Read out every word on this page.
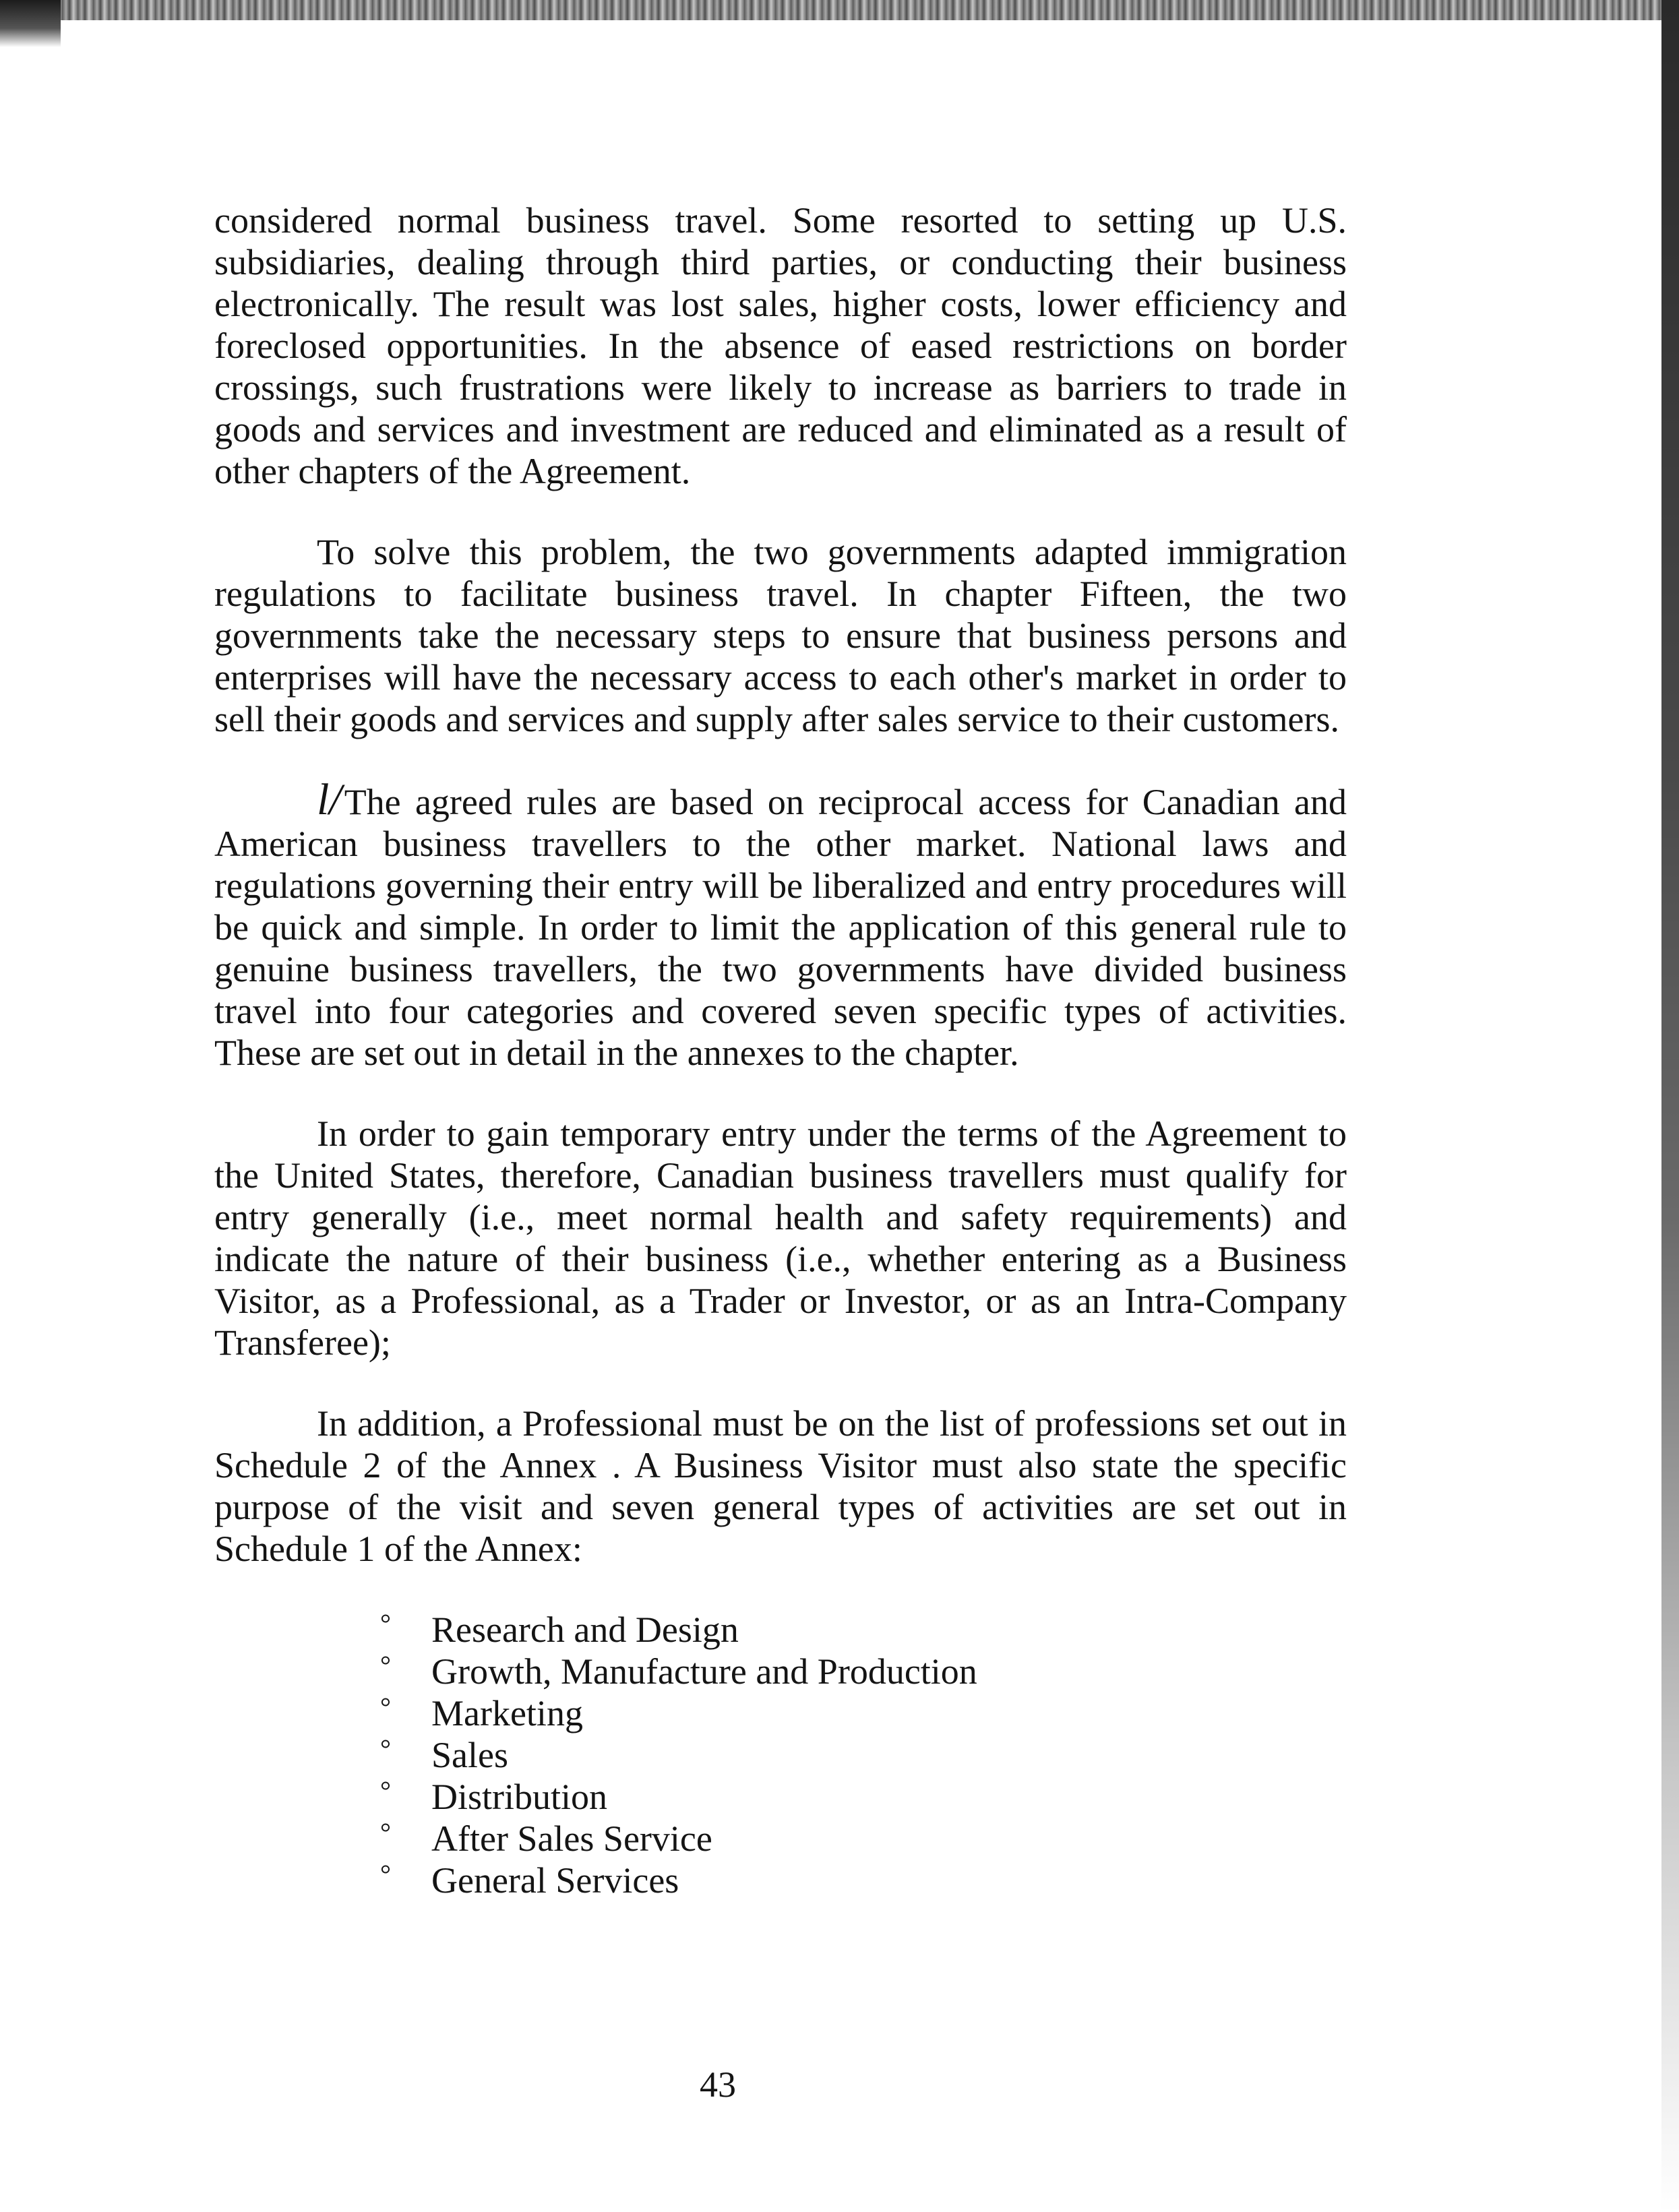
considered normal business travel. Some resorted to setting up U.S. subsidiaries, dealing through third parties, or conducting their business electronically. The result was lost sales, higher costs, lower efficiency and foreclosed opportunities. In the absence of eased restrictions on border crossings, such frustrations were likely to increase as barriers to trade in goods and services and investment are reduced and eliminated as a result of other chapters of the Agreement.

To solve this problem, the two governments adapted immigration regulations to facilitate business travel. In chapter Fifteen, the two governments take the necessary steps to ensure that business persons and enterprises will have the necessary access to each other's market in order to sell their goods and services and supply after sales service to their customers.

l/The agreed rules are based on reciprocal access for Canadian and American business travellers to the other market. National laws and regulations governing their entry will be liberalized and entry procedures will be quick and simple. In order to limit the application of this general rule to genuine business travellers, the two governments have divided business travel into four categories and covered seven specific types of activities. These are set out in detail in the annexes to the chapter.

In order to gain temporary entry under the terms of the Agreement to the United States, therefore, Canadian business travellers must qualify for entry generally (i.e., meet normal health and safety requirements) and indicate the nature of their business (i.e., whether entering as a Business Visitor, as a Professional, as a Trader or Investor, or as an Intra-Company Transferee);

In addition, a Professional must be on the list of professions set out in Schedule 2 of the Annex . A Business Visitor must also state the specific purpose of the visit and seven general types of activities are set out in Schedule 1 of the Annex:

°	Research and Design
°	Growth, Manufacture and Production
°	Marketing
°	Sales
°	Distribution
°	After Sales Service
°	General Services
43
